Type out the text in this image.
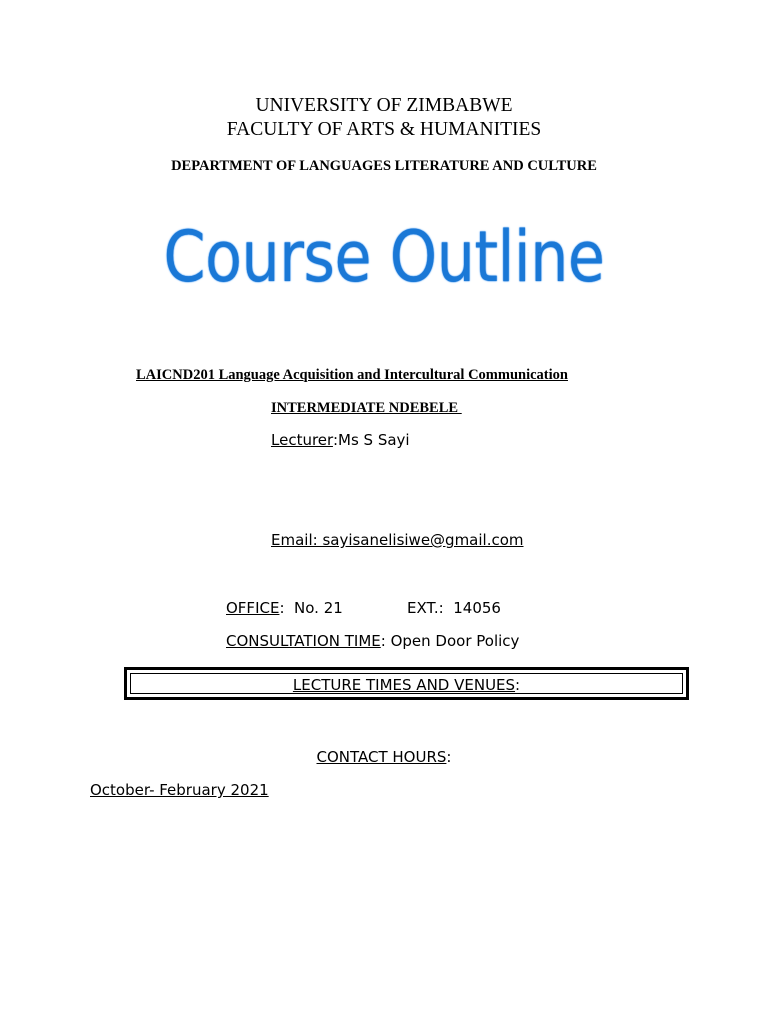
UNIVERSITY OF ZIMBABWE
FACULTY OF ARTS & HUMANITIES
DEPARTMENT OF LANGUAGES LITERATURE AND CULTURE
Course Outline
LAICND201 Language Acquisition and Intercultural Communication
INTERMEDIATE NDEBELE
Lecturer:Ms S Sayi
Email: sayisanelisiwe@gmail.com
OFFICE:  No. 21	EXT.:  14056
CONSULTATION TIME: Open Door Policy
LECTURE TIMES AND VENUES:
CONTACT HOURS:
October- February 2021
